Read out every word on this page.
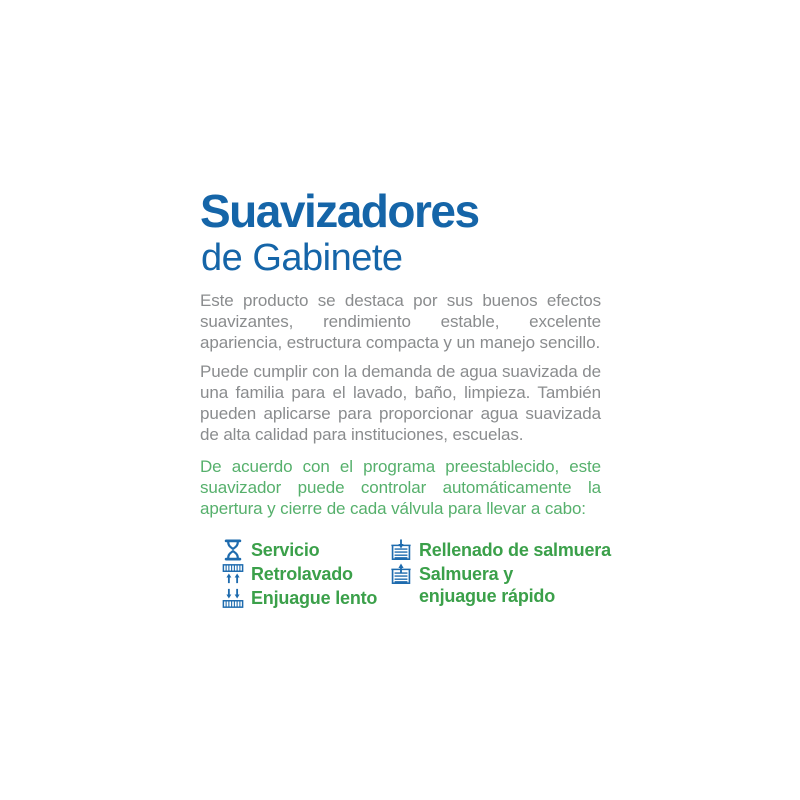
Suavizadores
de Gabinete

Este producto se destaca por sus buenos efectos suavizantes, rendimiento estable, excelente apariencia, estructura compacta y un manejo sencillo.

Puede cumplir con la demanda de agua suavizada de una familia para el lavado, baño, limpieza. También pueden aplicarse para proporcionar agua suavizada de alta calidad para instituciones, escuelas.

De acuerdo con el programa preestablecido, este suavizador puede controlar automáticamente la apertura y cierre de cada válvula para llevar a cabo:

Servicio
Retrolavado
Enjuague lento
Rellenado de salmuera
Salmuera y
enjuague rápido
